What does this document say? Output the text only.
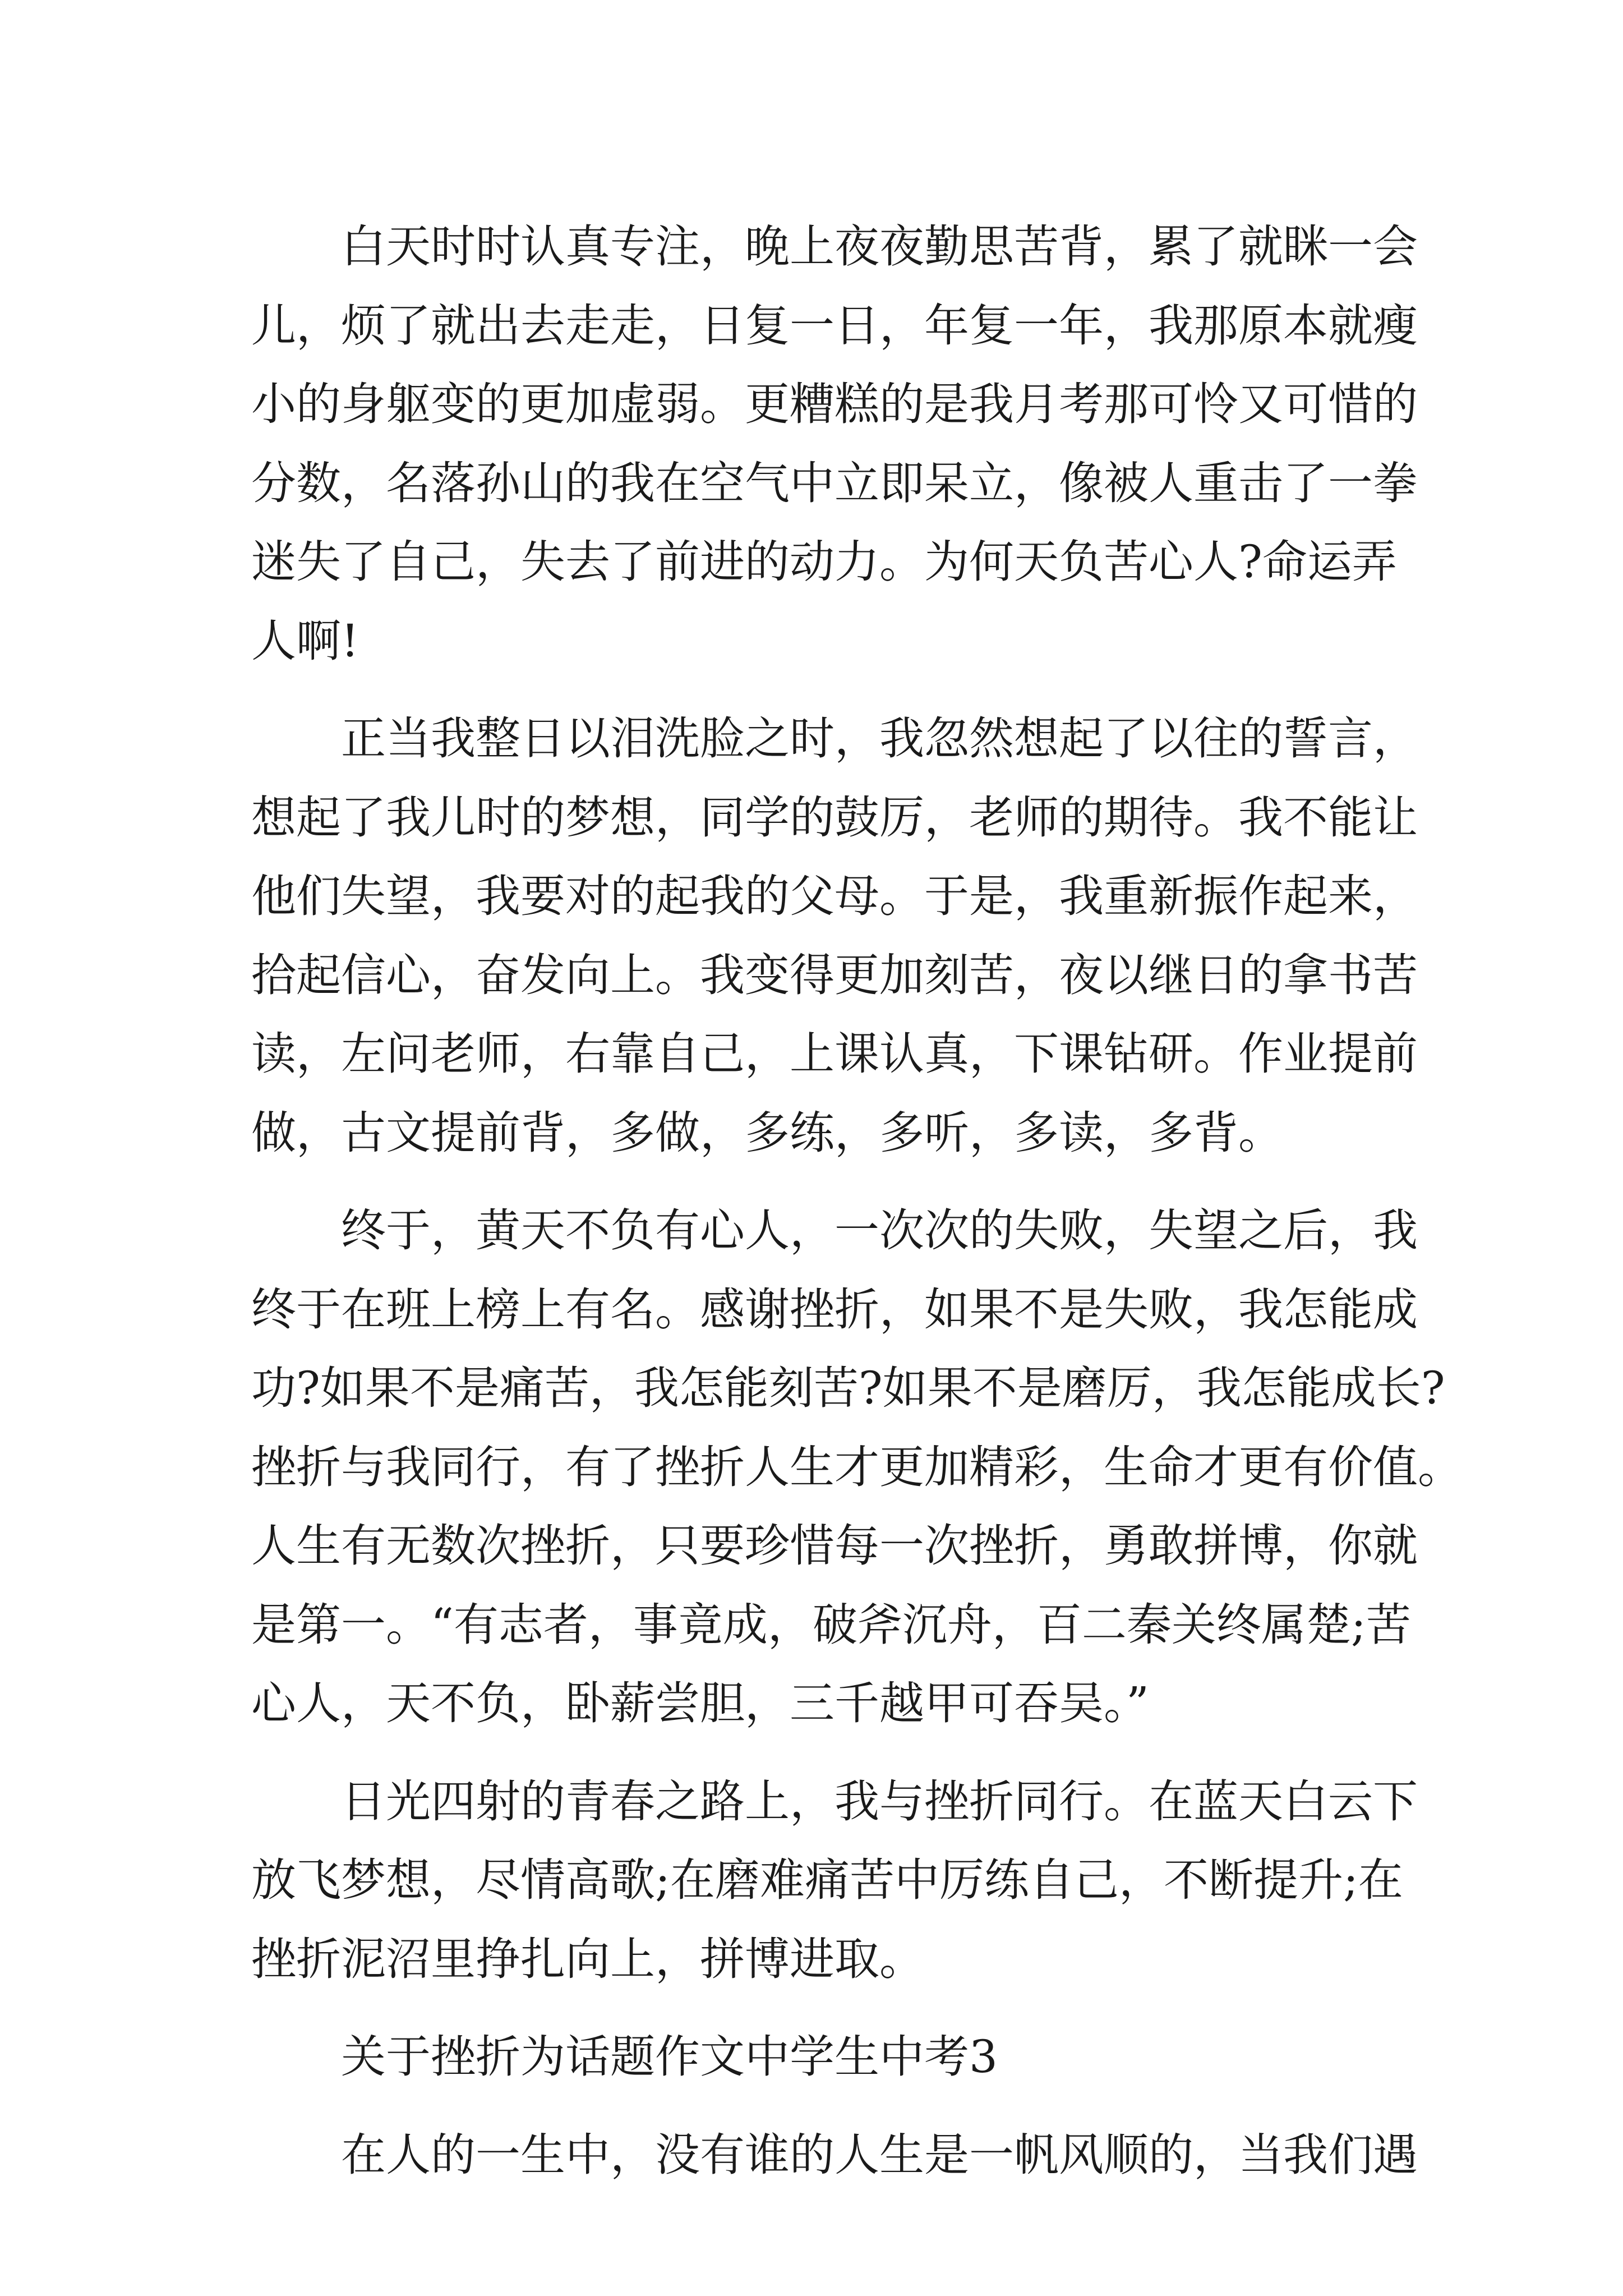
白天时时认真专注，晚上夜夜勤思苦背，累了就眯一会
儿，烦了就出去走走，日复一日，年复一年，我那原本就瘦
小的身躯变的更加虚弱。更糟糕的是我月考那可怜又可惜的
分数，名落孙山的我在空气中立即呆立，像被人重击了一拳
迷失了自己，失去了前进的动力。为何天负苦心人?命运弄
人啊!
正当我整日以泪洗脸之时，我忽然想起了以往的誓言，
想起了我儿时的梦想，同学的鼓厉，老师的期待。我不能让
他们失望，我要对的起我的父母。于是，我重新振作起来，
拾起信心，奋发向上。我变得更加刻苦，夜以继日的拿书苦
读，左问老师，右靠自己，上课认真，下课钻研。作业提前
做，古文提前背，多做，多练，多听，多读，多背。
终于，黄天不负有心人，一次次的失败，失望之后，我
终于在班上榜上有名。感谢挫折，如果不是失败，我怎能成
功?如果不是痛苦，我怎能刻苦?如果不是磨厉，我怎能成长?
挫折与我同行，有了挫折人生才更加精彩，生命才更有价值。
人生有无数次挫折，只要珍惜每一次挫折，勇敢拼博，你就
是第一。“有志者，事竟成，破斧沉舟，百二秦关终属楚;苦
心人，天不负，卧薪尝胆，三千越甲可吞吴。”
日光四射的青春之路上，我与挫折同行。在蓝天白云下
放飞梦想，尽情高歌;在磨难痛苦中厉练自己，不断提升;在
挫折泥沼里挣扎向上，拼博进取。
关于挫折为话题作文中学生中考3
在人的一生中，没有谁的人生是一帆风顺的，当我们遇
